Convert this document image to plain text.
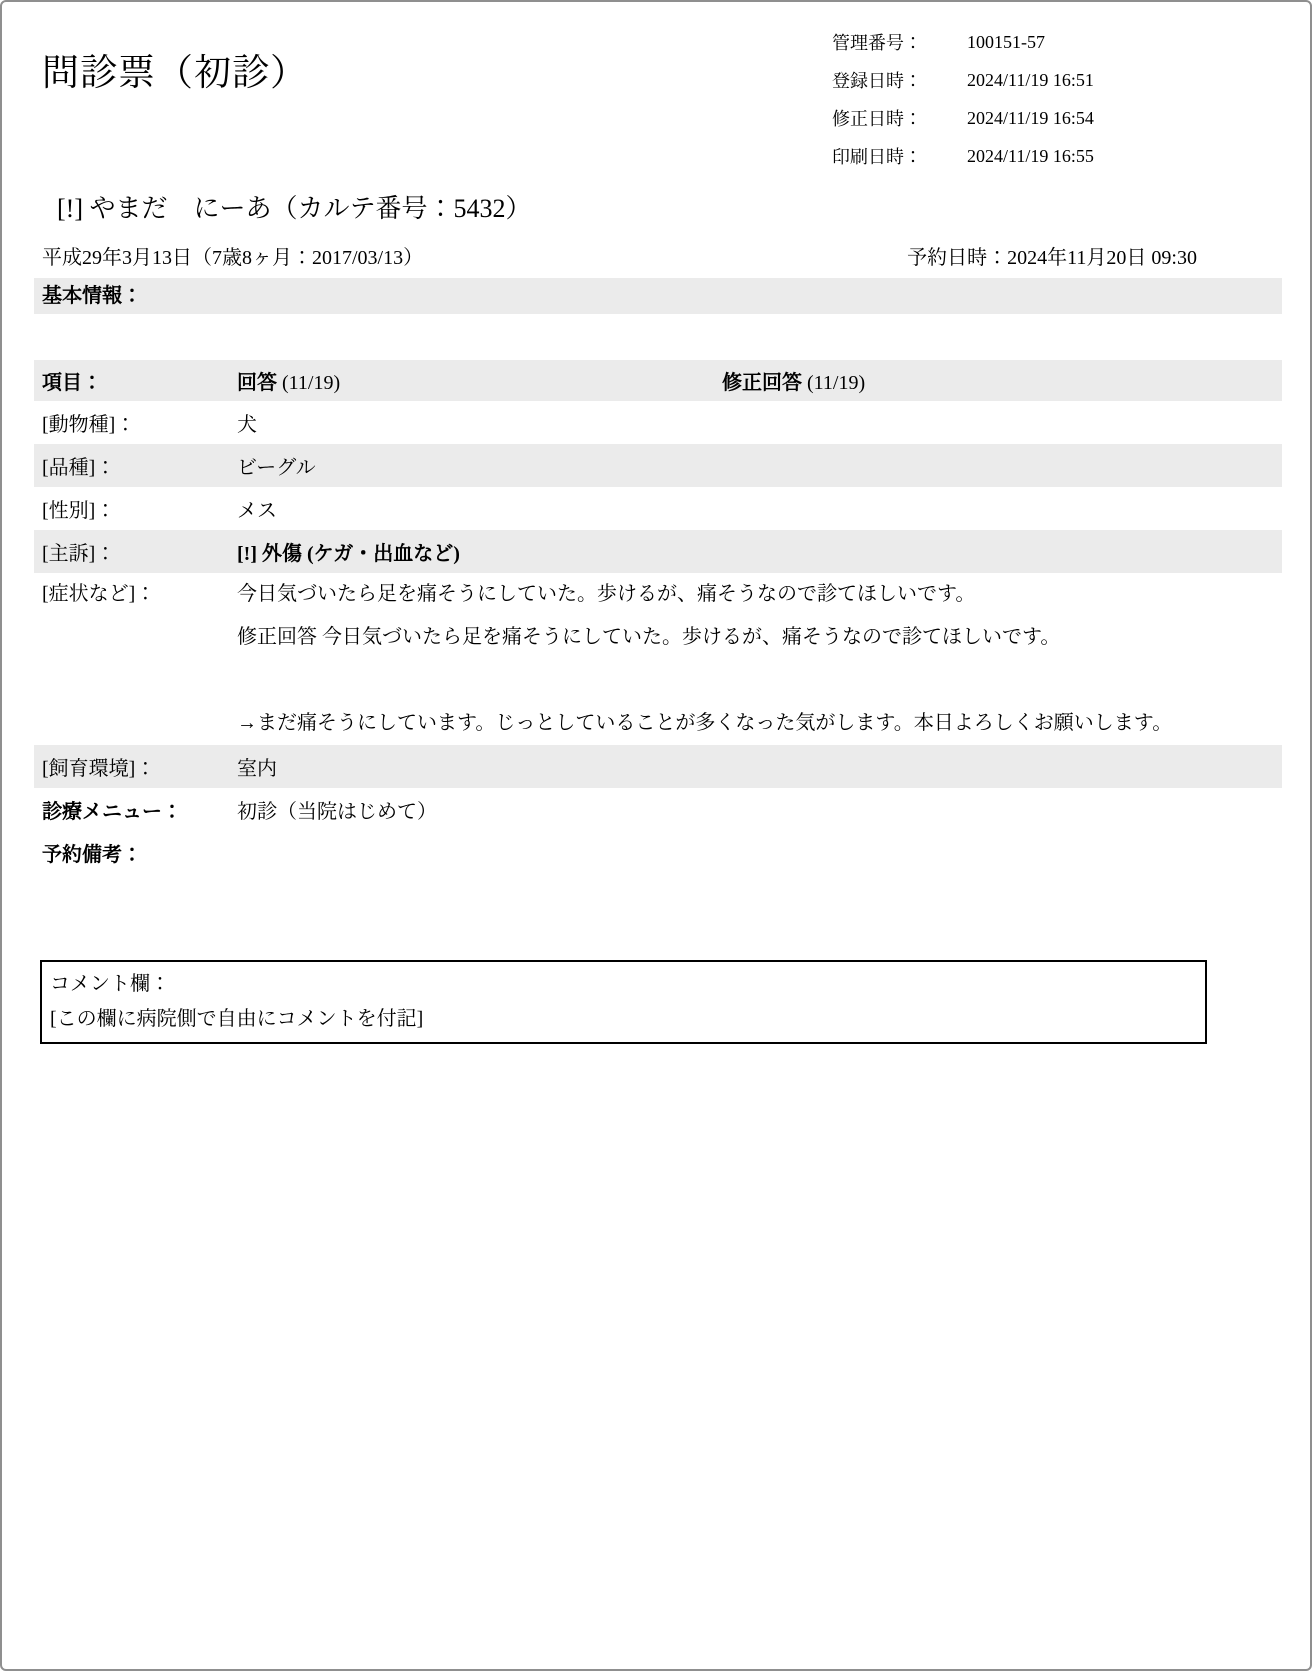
問診票（初診）
管理番号：	100151-57
登録日時：	2024/11/19 16:51
修正日時：	2024/11/19 16:54
印刷日時：	2024/11/19 16:55
[!] やまだ　にーあ（カルテ番号：5432）
平成29年3月13日（7歳8ヶ月：2017/03/13）	予約日時：2024年11月20日 09:30
基本情報：
項目：	回答 (11/19)	修正回答 (11/19)
[動物種]：	犬
[品種]：	ビーグル
[性別]：	メス
[主訴]：	[!] 外傷 (ケガ・出血など)
[症状など]：	今日気づいたら足を痛そうにしていた。歩けるが、痛そうなので診てほしいです。

修正回答 今日気づいたら足を痛そうにしていた。歩けるが、痛そうなので診てほしいです。

→まだ痛そうにしています。じっとしていることが多くなった気がします。本日よろしくお願いします。

[飼育環境]：	室内
診療メニュー：	初診（当院はじめて）
予約備考：
コメント欄：
[この欄に病院側で自由にコメントを付記]
